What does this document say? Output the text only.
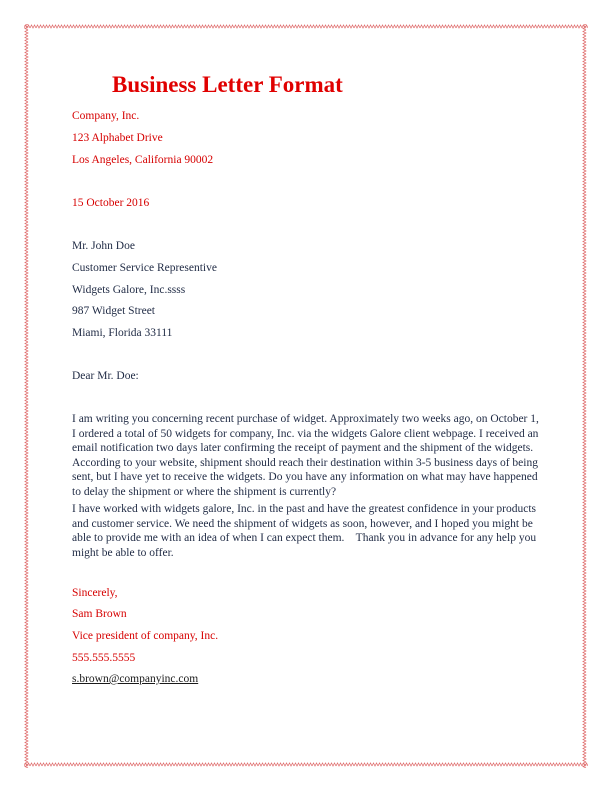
Business Letter Format
Company, Inc.
123 Alphabet Drive
Los Angeles, California 90002
15 October 2016
Mr. John Doe
Customer Service Representive
Widgets Galore, Inc.ssss
987 Widget Street
Miami, Florida 33111
Dear Mr. Doe:
I am writing you concerning recent purchase of widget. Approximately two weeks ago, on October 1, I ordered a total of 50 widgets for company, Inc. via the widgets Galore client webpage. I received an email notification two days later confirming the receipt of payment and the shipment of the widgets. According to your website, shipment should reach their destination within 3-5 business days of being sent, but I have yet to receive the widgets. Do you have any information on what may have happened to delay the shipment or where the shipment is currently?
I have worked with widgets galore, Inc. in the past and have the greatest confidence in your products and customer service. We need the shipment of widgets as soon, however, and I hoped you might be able to provide me with an idea of when I can expect them.    Thank you in advance for any help you might be able to offer.
Sincerely,
Sam Brown
Vice president of company, Inc.
555.555.5555
s.brown@companyinc.com
